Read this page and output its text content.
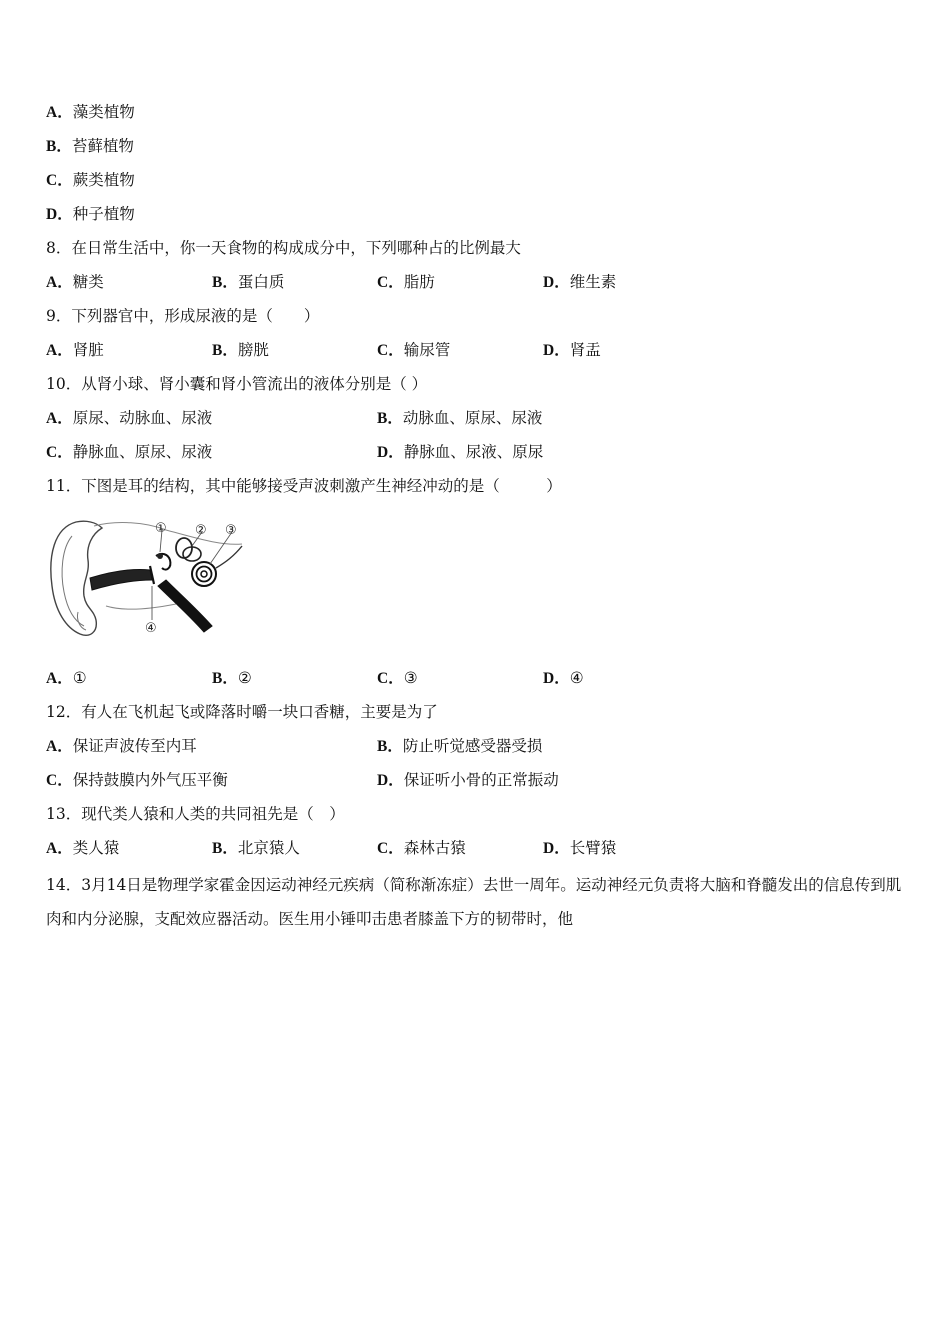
A．藻类植物
B．苔藓植物
C．蕨类植物
D．种子植物
8．在日常生活中，你一天食物的构成成分中，下列哪种占的比例最大
A．糖类	B．蛋白质	C．脂肪	D．维生素
9．下列器官中，形成尿液的是（　　）
A．肾脏	B．膀胱	C．输尿管	D．肾盂
10．从肾小球、肾小囊和肾小管流出的液体分别是（ ）
A．原尿、动脉血、尿液	B．动脉血、原尿、尿液
C．静脉血、原尿、尿液	D．静脉血、尿液、原尿
11．下图是耳的结构，其中能够接受声波刺激产生神经冲动的是（　　　）
① ② ③
④
A．①	B．②	C．③	D．④
12．有人在飞机起飞或降落时嚼一块口香糖，主要是为了
A．保证声波传至内耳	B．防止听觉感受器受损
C．保持鼓膜内外气压平衡	D．保证听小骨的正常振动
13．现代类人猿和人类的共同祖先是（　）
A．类人猿	B．北京猿人	C．森林古猿	D．长臂猿
14．3月14日是物理学家霍金因运动神经元疾病（简称渐冻症）去世一周年。运动神经元负责将大脑和脊髓发出的信息传到肌肉和内分泌腺，支配效应器活动。医生用小锤叩击患者膝盖下方的韧带时，他
